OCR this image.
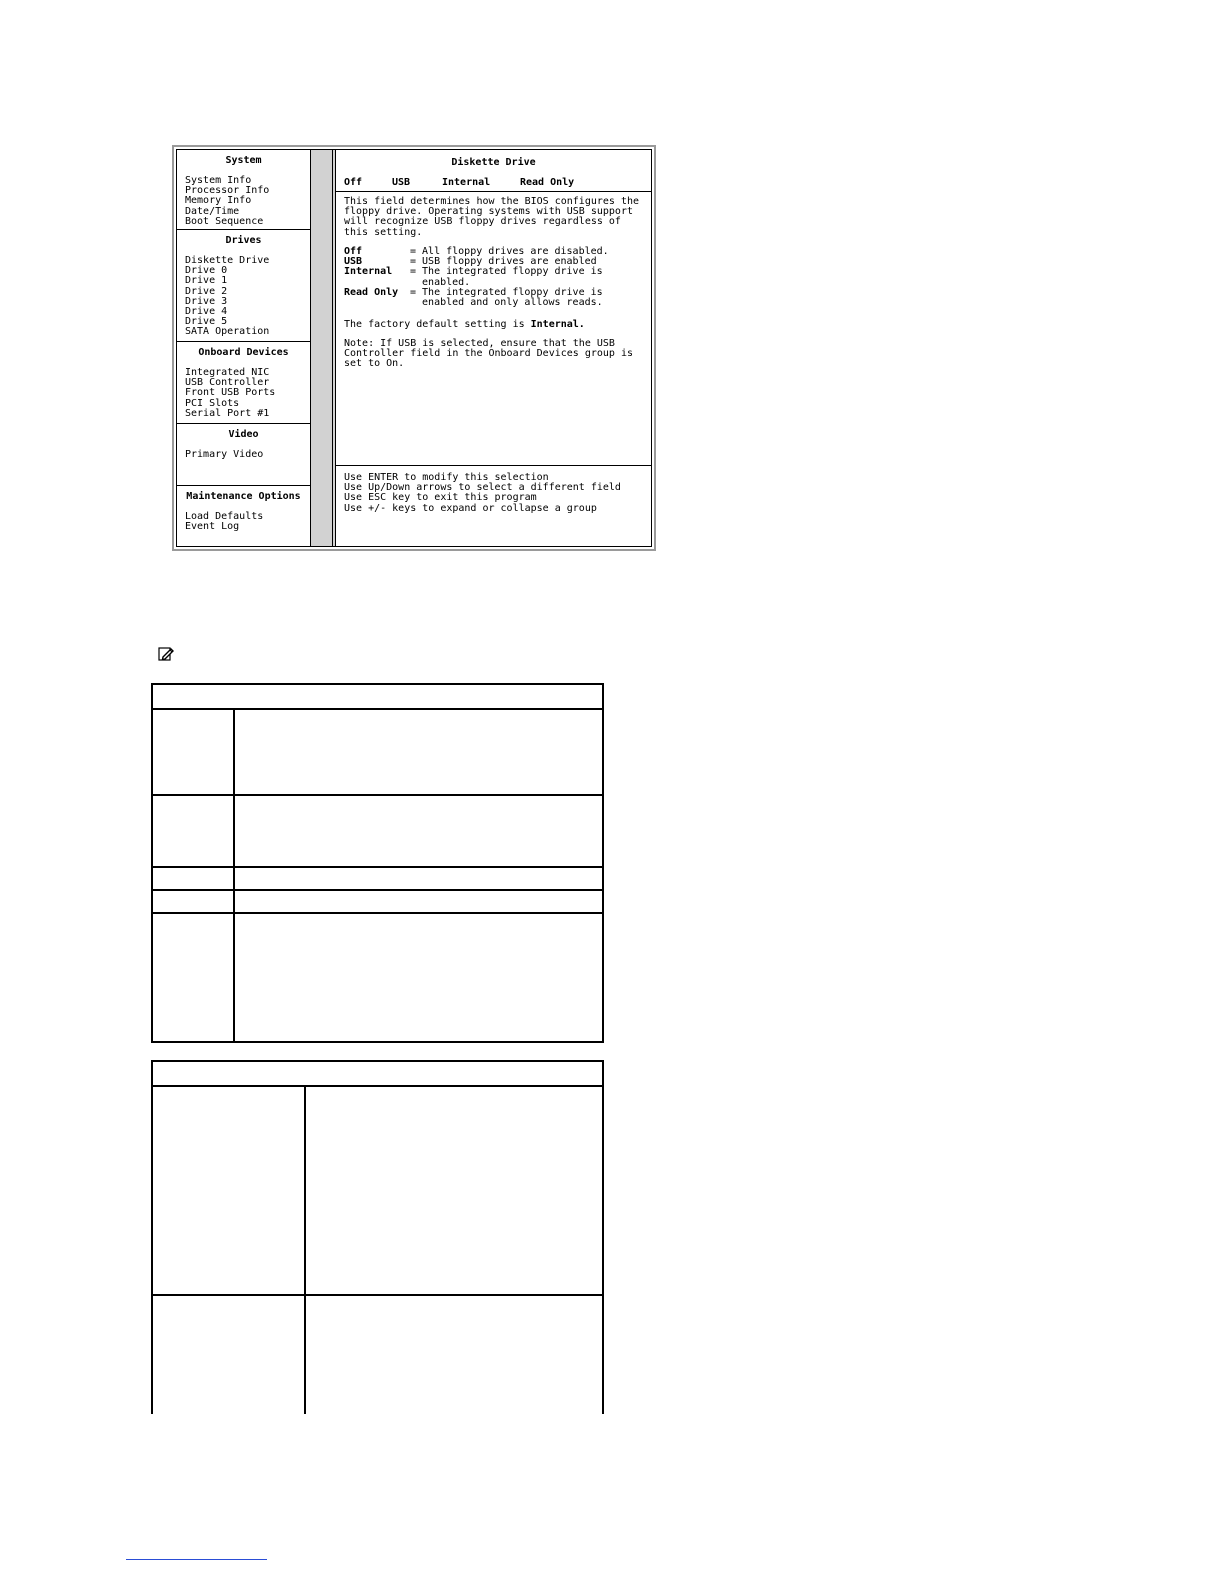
System
System Info
Processor Info
Memory Info
Date/Time
Boot Sequence
Drives
Diskette Drive
Drive 0
Drive 1
Drive 2
Drive 3
Drive 4
Drive 5
SATA Operation
Onboard Devices
Integrated NIC
USB Controller
Front USB Ports
PCI Slots
Serial Port #1
Video
Primary Video
Maintenance Options
Load Defaults
Event Log
Diskette Drive
Off	USB	Internal	Read Only
This field determines how the BIOS configures the
floppy drive. Operating systems with USB support
will recognize USB floppy drives regardless of
this setting.
Off	= All floppy drives are disabled.
USB	= USB floppy drives are enabled
Internal = The integrated floppy drive is
enabled.
Read Only = The integrated floppy drive is
enabled and only allows reads.
The factory default setting is Internal.
Note: If USB is selected, ensure that the USB
Controller field in the Onboard Devices group is
set to On.
Use ENTER to modify this selection
Use Up/Down arrows to select a different field
Use ESC key to exit this program
Use +/- keys to expand or collapse a group
